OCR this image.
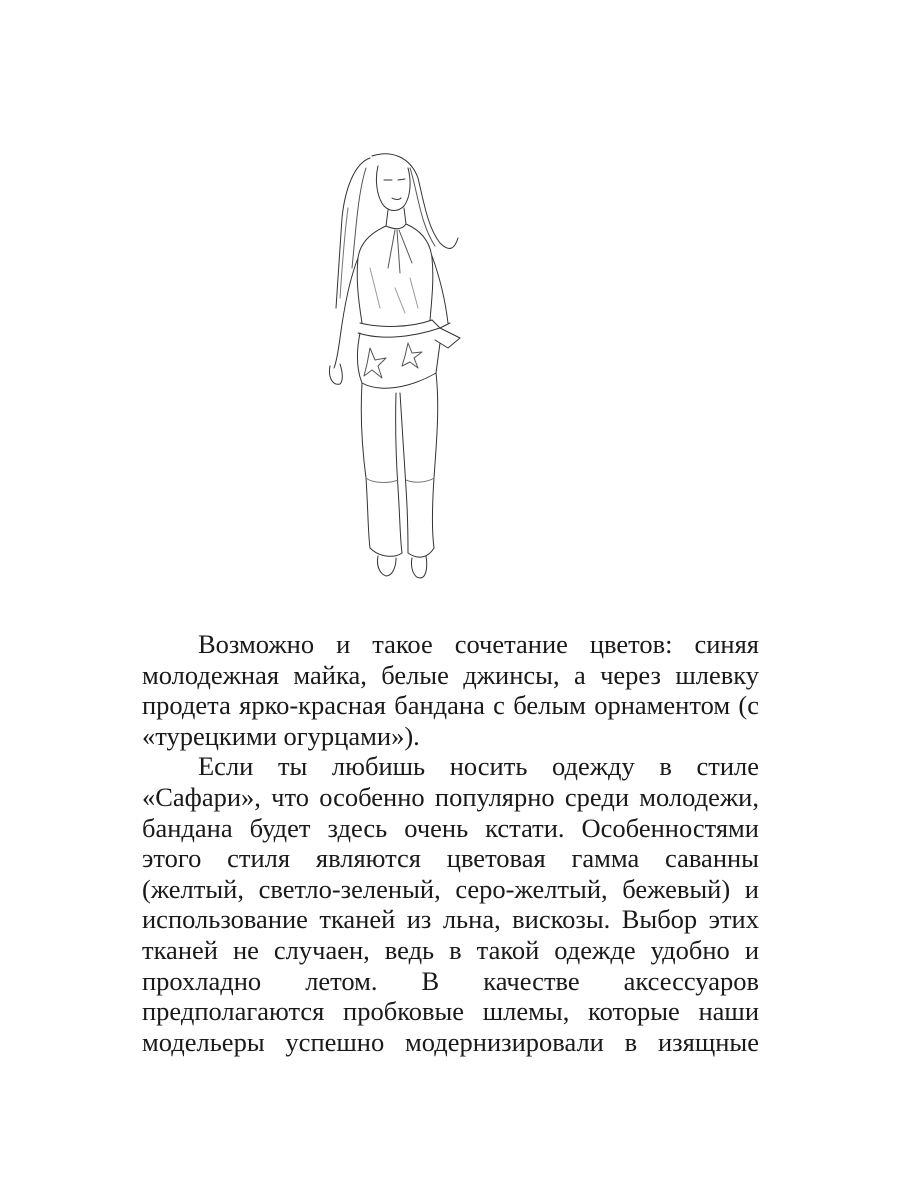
Возможно и такое сочетание цветов: синяя
молодежная майка, белые джинсы, а через шлевку
продета ярко-красная бандана с белым орнаментом (с
«турецкими огурцами»).
Если ты любишь носить одежду в стиле
«Сафари», что особенно популярно среди молодежи,
бандана будет здесь очень кстати. Особенностями
этого стиля являются цветовая гамма саванны
(желтый, светло-зеленый, серо-желтый, бежевый) и
использование тканей из льна, вискозы. Выбор этих
тканей не случаен, ведь в такой одежде удобно и
прохладно летом. В качестве аксессуаров
предполагаются пробковые шлемы, которые наши
модельеры успешно модернизировали в изящные
